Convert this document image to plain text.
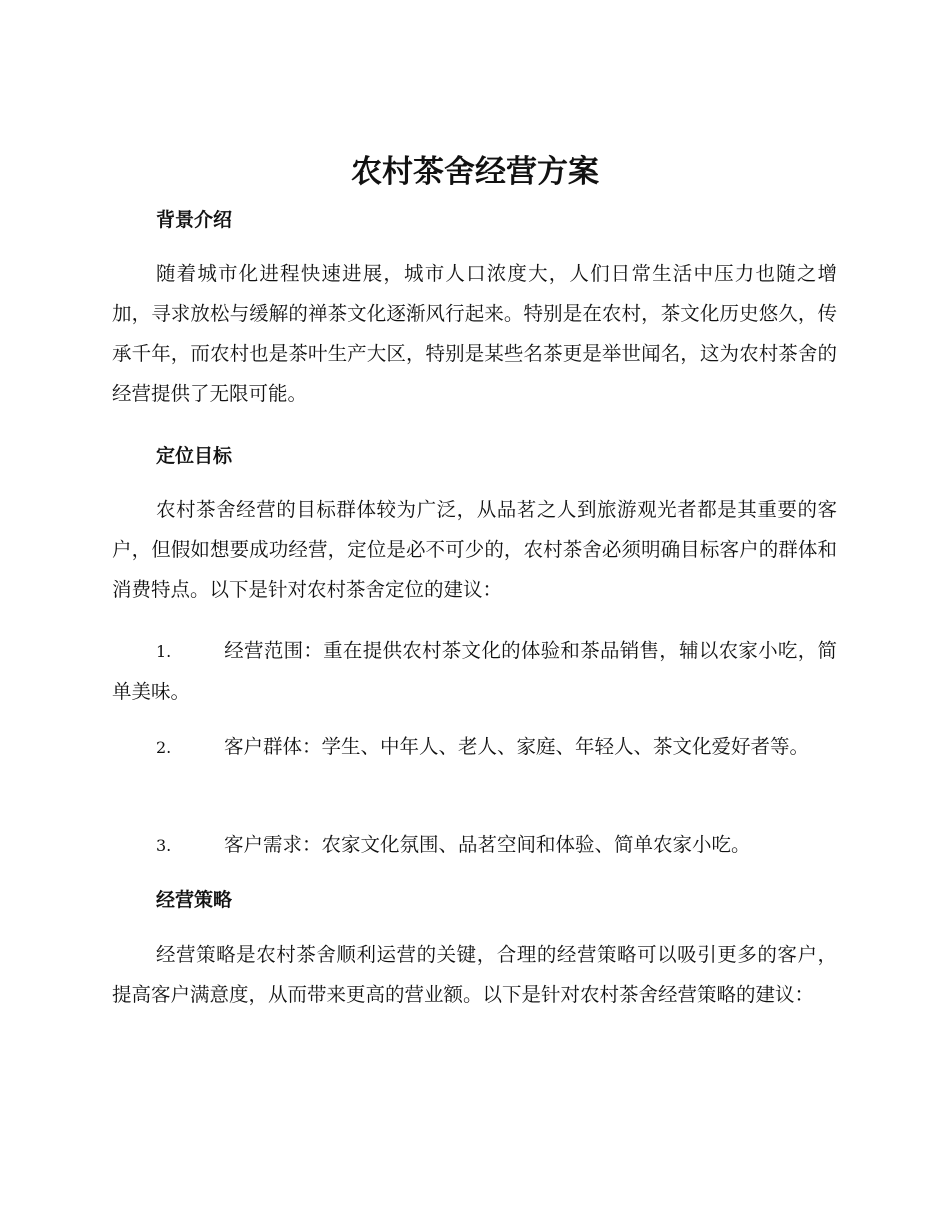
农村茶舍经营方案
背景介绍

随着城市化进程快速进展，城市人口浓度大，人们日常生活中压力也随之增加，寻求放松与缓解的禅茶文化逐渐风行起来。特别是在农村，茶文化历史悠久，传承千年，而农村也是茶叶生产大区，特别是某些名茶更是举世闻名，这为农村茶舍的经营提供了无限可能。

定位目标

农村茶舍经营的目标群体较为广泛，从品茗之人到旅游观光者都是其重要的客户，但假如想要成功经营，定位是必不可少的，农村茶舍必须明确目标客户的群体和消费特点。以下是针对农村茶舍定位的建议：

1.	经营范围：重在提供农村茶文化的体验和茶品销售，辅以农家小吃，简单美味。

2.	客户群体：学生、中年人、老人、家庭、年轻人、茶文化爱好者等。

3.	客户需求：农家文化氛围、品茗空间和体验、简单农家小吃。

经营策略

经营策略是农村茶舍顺利运营的关键，合理的经营策略可以吸引更多的客户，提高客户满意度，从而带来更高的营业额。以下是针对农村茶舍经营策略的建议：
